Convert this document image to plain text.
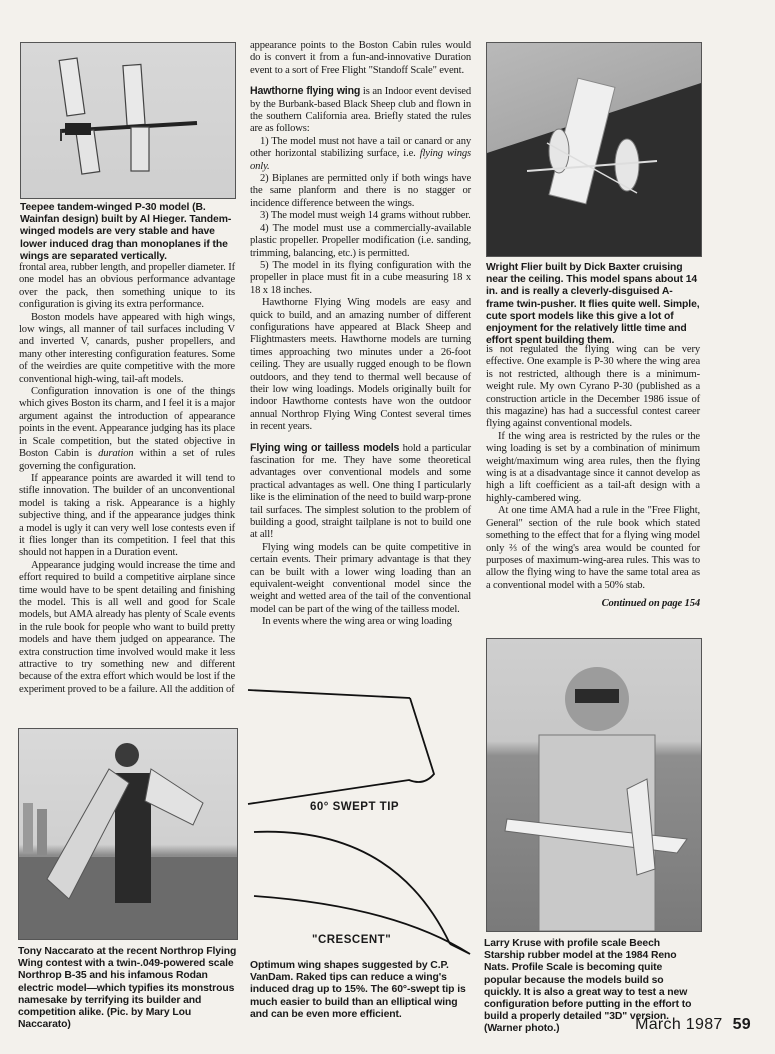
Teepee tandem-winged P-30 model (B. Wainfan design) built by Al Hieger. Tandem-winged models are very stable and have lower induced drag than monoplanes if the wings are separated vertically.
Wright Flier built by Dick Baxter cruising near the ceiling. This model spans about 14 in. and is really a cleverly-disguised A-frame twin-pusher. It flies quite well. Simple, cute sport models like this give a lot of enjoyment for the relatively little time and effort spent building them.
Tony Naccarato at the recent Northrop Flying Wing contest with a twin-.049-powered scale Northrop B-35 and his infamous Rodan electric model—which typifies its monstrous namesake by terrifying its builder and competition alike. (Pic. by Mary Lou Naccarato)
Larry Kruse with profile scale Beech Starship rubber model at the 1984 Reno Nats. Profile Scale is becoming quite popular because the models build so quickly. It is also a great way to test a new configuration before putting in the effort to build a properly detailed "3D" version. (Warner photo.)
60° SWEPT TIP
"CRESCENT"
Optimum wing shapes suggested by C.P. VanDam. Raked tips can reduce a wing's induced drag up to 15%. The 60°-swept tip is much easier to build than an elliptical wing and can be even more efficient.

frontal area, rubber length, and propeller diameter. If one model has an obvious performance advantage over the pack, then something unique to its configuration is giving its extra performance.

Boston models have appeared with high wings, low wings, all manner of tail surfaces including V and inverted V, canards, pusher propellers, and many other interesting configuration features. Some of the weirdies are quite competitive with the more conventional high-wing, tail-aft models.

Configuration innovation is one of the things which gives Boston its charm, and I feel it is a major argument against the introduction of appearance points in the event. Appearance judging has its place in Scale competition, but the stated objective in Boston Cabin is duration within a set of rules governing the configuration.

If appearance points are awarded it will tend to stifle innovation. The builder of an unconventional model is taking a risk. Appearance is a highly subjective thing, and if the appearance judges think a model is ugly it can very well lose contests even if it flies longer than its competition. I feel that this should not happen in a Duration event.

Appearance judging would increase the time and effort required to build a competitive airplane since time would have to be spent detailing and finishing the model. This is all well and good for Scale models, but AMA already has plenty of Scale events in the rule book for people who want to build pretty models and have them judged on appearance. The extra construction time involved would make it less attractive to try something new and different because of the extra effort which would be lost if the experiment proved to be a failure. All the addition of

appearance points to the Boston Cabin rules would do is convert it from a fun-and-innovative Duration event to a sort of Free Flight "Standoff Scale" event.

Hawthorne flying wing is an Indoor event devised by the Burbank-based Black Sheep club and flown in the southern California area. Briefly stated the rules are as follows:

1) The model must not have a tail or canard or any other horizontal stabilizing surface, i.e. flying wings only.

2) Biplanes are permitted only if both wings have the same planform and there is no stagger or incidence difference between the wings.

3) The model must weigh 14 grams without rubber.

4) The model must use a commercially-available plastic propeller. Propeller modification (i.e. sanding, trimming, balancing, etc.) is permitted.

5) The model in its flying configuration with the propeller in place must fit in a cube measuring 18 x 18 x 18 inches.

Hawthorne Flying Wing models are easy and quick to build, and an amazing number of different configurations have appeared at Black Sheep and Flightmasters meets. Hawthorne models are turning times approaching two minutes under a 26-foot ceiling. They are usually rugged enough to be flown outdoors, and they tend to thermal well because of their low wing loadings. Models originally built for indoor Hawthorne contests have won the outdoor annual Northrop Flying Wing Contest several times in recent years.

Flying wing or tailless models hold a particular fascination for me. They have some theoretical advantages over conventional models and some practical advantages as well. One thing I particularly like is the elimination of the need to build warp-prone tail surfaces. The simplest solution to the problem of building a good, straight tailplane is not to build one at all!

Flying wing models can be quite competitive in certain events. Their primary advantage is that they can be built with a lower wing loading than an equivalent-weight conventional model since the weight and wetted area of the tail of the conventional model can be part of the wing of the tailless model.

In events where the wing area or wing loading

is not regulated the flying wing can be very effective. One example is P-30 where the wing area is not restricted, although there is a minimum-weight rule. My own Cyrano P-30 (published as a construction article in the December 1986 issue of this magazine) has had a successful contest career flying against conventional models.

If the wing area is restricted by the rules or the wing loading is set by a combination of minimum weight/maximum wing area rules, then the flying wing is at a disadvantage since it cannot develop as high a lift coefficient as a tail-aft design with a highly-cambered wing.

At one time AMA had a rule in the "Free Flight, General" section of the rule book which stated something to the effect that for a flying wing model only ⅔ of the wing's area would be counted for purposes of maximum-wing-area rules. This was to allow the flying wing to have the same total area as a conventional model with a 50% stab.

Continued on page 154
March 1987 59
